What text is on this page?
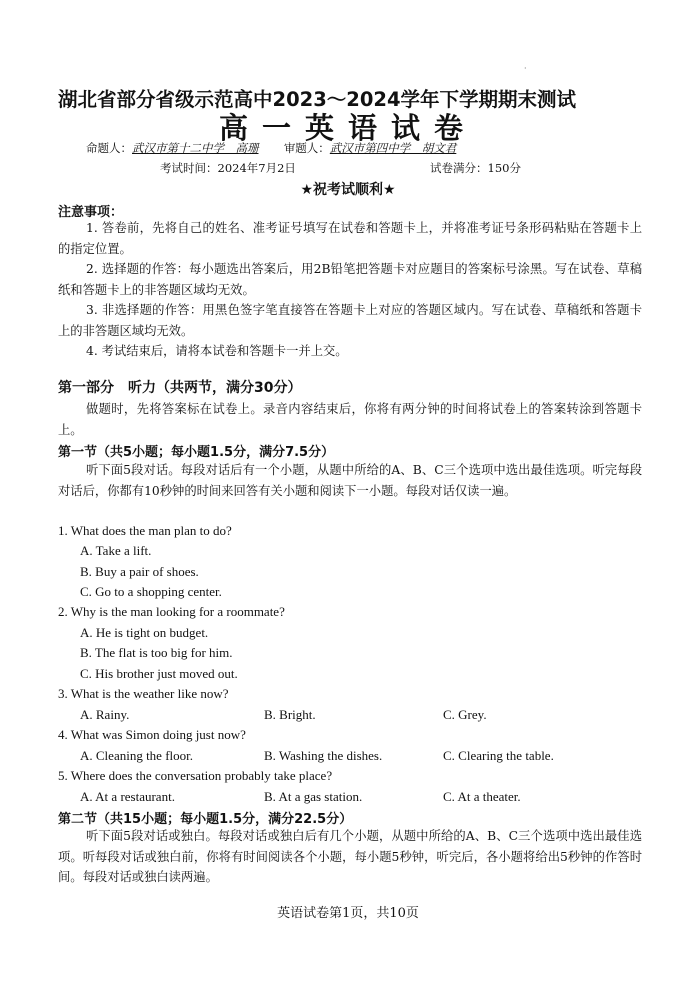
·
湖北省部分省级示范高中2023～2024学年下学期期末测试
高一英语试卷
命题人：武汉市第十二中学　高珊 审题人：武汉市第四中学　胡文君
考试时间：2024年7月2日	试卷满分：150分
★祝考试顺利★
注意事项：
1. 答卷前，先将自己的姓名、准考证号填写在试卷和答题卡上，并将准考证号条形码粘贴在答题卡上的指定位置。
2. 选择题的作答：每小题选出答案后，用2B铅笔把答题卡对应题目的答案标号涂黑。写在试卷、草稿纸和答题卡上的非答题区域均无效。
3. 非选择题的作答：用黑色签字笔直接答在答题卡上对应的答题区域内。写在试卷、草稿纸和答题卡上的非答题区域均无效。
4. 考试结束后，请将本试卷和答题卡一并上交。
第一部分　听力（共两节，满分30分）
做题时，先将答案标在试卷上。录音内容结束后，你将有两分钟的时间将试卷上的答案转涂到答题卡上。
第一节（共5小题；每小题1.5分，满分7.5分）
听下面5段对话。每段对话后有一个小题，从题中所给的A、B、C三个选项中选出最佳选项。听完每段对话后，你都有10秒钟的时间来回答有关小题和阅读下一小题。每段对话仅读一遍。
1. What does the man plan to do?
A. Take a lift.
B. Buy a pair of shoes.
C. Go to a shopping center.
2. Why is the man looking for a roommate?
A. He is tight on budget.
B. The flat is too big for him.
C. His brother just moved out.
3. What is the weather like now?
A. Rainy.	B. Bright.	C. Grey.
4. What was Simon doing just now?
A. Cleaning the floor.	B. Washing the dishes.	C. Clearing the table.
5. Where does the conversation probably take place?
A. At a restaurant.	B. At a gas station.	C. At a theater.
第二节（共15小题；每小题1.5分，满分22.5分）
听下面5段对话或独白。每段对话或独白后有几个小题，从题中所给的A、B、C三个选项中选出最佳选项。听每段对话或独白前，你将有时间阅读各个小题，每小题5秒钟，听完后，各小题将给出5秒钟的作答时间。每段对话或独白读两遍。
英语试卷第1页，共10页
